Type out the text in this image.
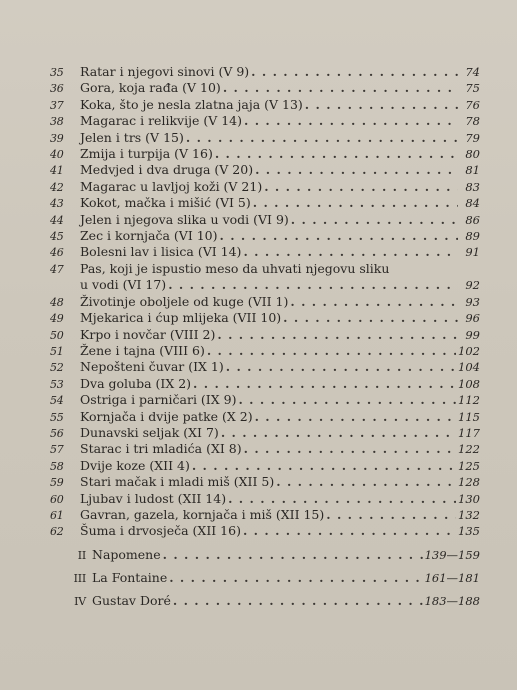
35	Ratar i njegovi sinovi (V 9) . . .	74
36	Gora, koja rađa (V 10) . . .	75
37	Koka, što je nesla zlatna jaja (V 13) . . .	76
38	Magarac i relikvije (V 14) . . .	78
39	Jelen i trs (V 15) . . .	79
40	Zmija i turpija (V 16) . . .	80
41	Medvjed i dva druga (V 20) . . .	81
42	Magarac u lavljoj koži (V 21) . . .	83
43	Kokot, mačka i mišić (VI 5) . . .	84
44	Jelen i njegova slika u vodi (VI 9) . . .	86
45	Zec i kornjača (VI 10) . . .	89
46	Bolesni lav i lisica (VI 14) . . .	91
47	Pas, koji je ispustio meso da uhvati njegovu sliku
u vodi (VI 17) . . .	92
48	Životinje oboljele od kuge (VII 1) . . .	93
49	Mjekarica i ćup mlijeka (VII 10) . . .	96
50	Krpo i novčar (VIII 2) . . .	99
51	Žene i tajna (VIII 6) . . .	102
52	Nepošteni čuvar (IX 1) . . .	104
53	Dva goluba (IX 2) . . .	108
54	Ostriga i parničari (IX 9) . . .	112
55	Kornjača i dvije patke (X 2) . . .	115
56	Dunavski seljak (XI 7) . . .	117
57	Starac i tri mladića (XI 8) . . .	122
58	Dvije koze (XII 4) . . .	125
59	Stari mačak i mladi miš (XII 5) . . .	128
60	Ljubav i ludost (XII 14) . . .	130
61	Gavran, gazela, kornjača i miš (XII 15) . . .	132
62	Šuma i drvosječa (XII 16) . . .	135
II Napomene . . .	139—159
III La Fontaine . . .	161—181
IV Gustav Doré . . .	183—188
